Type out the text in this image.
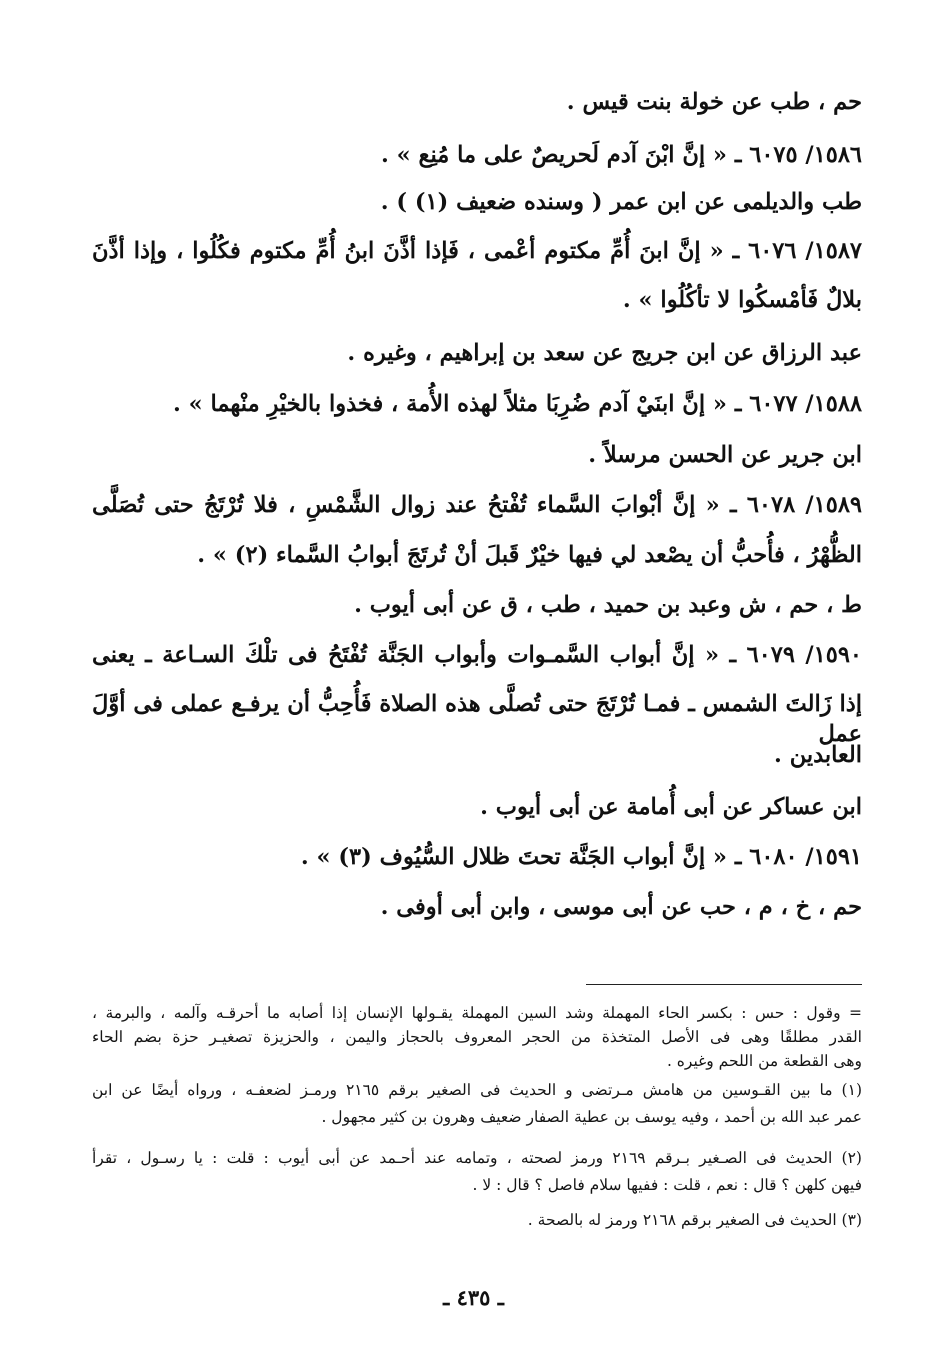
حم ، طب عن خولة بنت قيس .
١٥٨٦/ ٦٠٧٥ ـ « إنَّ ابْنَ آدم لَحريصٌ على ما مُنِع » .
طب والديلمى عن ابن عمر ( وسنده ضعيف (١) ) .
١٥٨٧/ ٦٠٧٦ ـ « إنَّ ابنَ أُمِّ مكتوم أعْمى ، فَإذا أذَّنَ ابنُ أُمِّ مكتوم فكُلُوا ، وإذا أذَّنَ
بلالٌ فَأمْسكُوا لا تأكُلُوا » .
عبد الرزاق عن ابن جريج عن سعد بن إبراهيم ، وغيره .
١٥٨٨/ ٦٠٧٧ ـ « إنَّ ابنَيْ آدم ضُرِبَا مثلاً لهذه الأُمة ، فخذوا بالخيْرِ منْهما » .
ابن جرير عن الحسن مرسلاً .
١٥٨٩/ ٦٠٧٨ ـ « إنَّ أبْوابَ السَّماء تُفْتحُ عند زوال الشَّمْسِ ، فلا تُرْتَجُ حتى تُصَلَّى
الظُّهْرُ ، فأُحبُّ أن يصْعد لي فيها خيْرٌ قَبلَ أنْ تُرتَجَ أبوابُ السَّماء (٢) » .
ط ، حم ، ش وعبد بن حميد ، طب ، ق عن أبى أيوب .
١٥٩٠/ ٦٠٧٩ ـ « إنَّ أبواب السَّمـوات وأبواب الجَنَّة تُفْتَحُ فى تلْكَ السـاعة ـ يعنى
إذا زَالتَ الشمس ـ فمـا تُرْتَجَ حتى تُصلَّى هذه الصلاة فَأُحِبُّ أن يرفـع عملى فى أوَّلَ عمل
العابدين .
ابن عساكر عن أبى أُمامة عن أبى أيوب .
١٥٩١/ ٦٠٨٠ ـ « إنَّ أبواب الجَنَّة تحتَ ظلال السُّيُوف (٣) » .
حم ، خ ، م ، حب عن أبى موسى ، وابن أبى أوفى .
= وقول : حس : بكسر الحاء المهملة وشد السين المهملة يقـولها الإنسان إذا أصابه ما أحرقـه وآلمه ، والبرمة ،
القدر مطلقًا وهى فى الأصل المتخذة من الحجر المعروف بالحجاز واليمن ، والحزيزة تصغيـر حزة بضم الحاء
وهى القطعة من اللحم وغيره .
(١) ما بين القـوسين من هامش مـرتضى و الحديث فى الصغير برقم ٢١٦٥ ورمـز لضعفـه ، ورواه أيضًا عن ابن
عمر عبد الله بن أحمد ، وفيه يوسف بن عطية الصفار ضعيف وهرون بن كثير مجهول .
(٢) الحديث فى الصـغير بـرقم ٢١٦٩ ورمز لصحته ، وتمامه عند أحـمد عن أبى أيوب : قلت : يا رسـول ، تقرأ
فيهن كلهن ؟ قال : نعم ، قلت : ففيها سلام فاصل ؟ قال : لا .
(٣) الحديث فى الصغير برقم ٢١٦٨ ورمز له بالصحة .
ـ ٤٣٥ ـ
